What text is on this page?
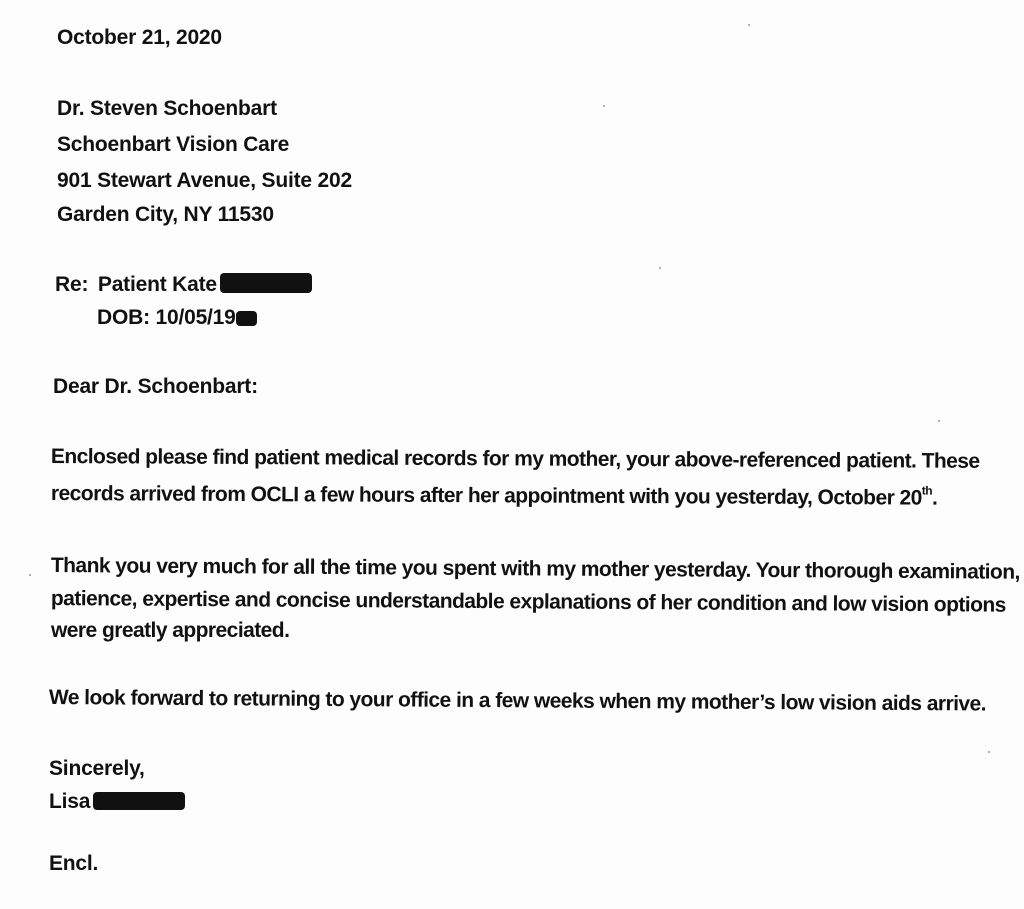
October 21, 2020
Dr. Steven Schoenbart
Schoenbart Vision Care
901 Stewart Avenue, Suite 202
Garden City, NY 11530
Re: Patient Kate
DOB: 10/05/19
Dear Dr. Schoenbart:
Enclosed please find patient medical records for my mother, your above-referenced patient. These
records arrived from OCLI a few hours after her appointment with you yesterday, October 20th.
Thank you very much for all the time you spent with my mother yesterday. Your thorough examination,
patience, expertise and concise understandable explanations of her condition and low vision options
were greatly appreciated.
We look forward to returning to your office in a few weeks when my mother’s low vision aids arrive.
Sincerely,
Lisa
Encl.
